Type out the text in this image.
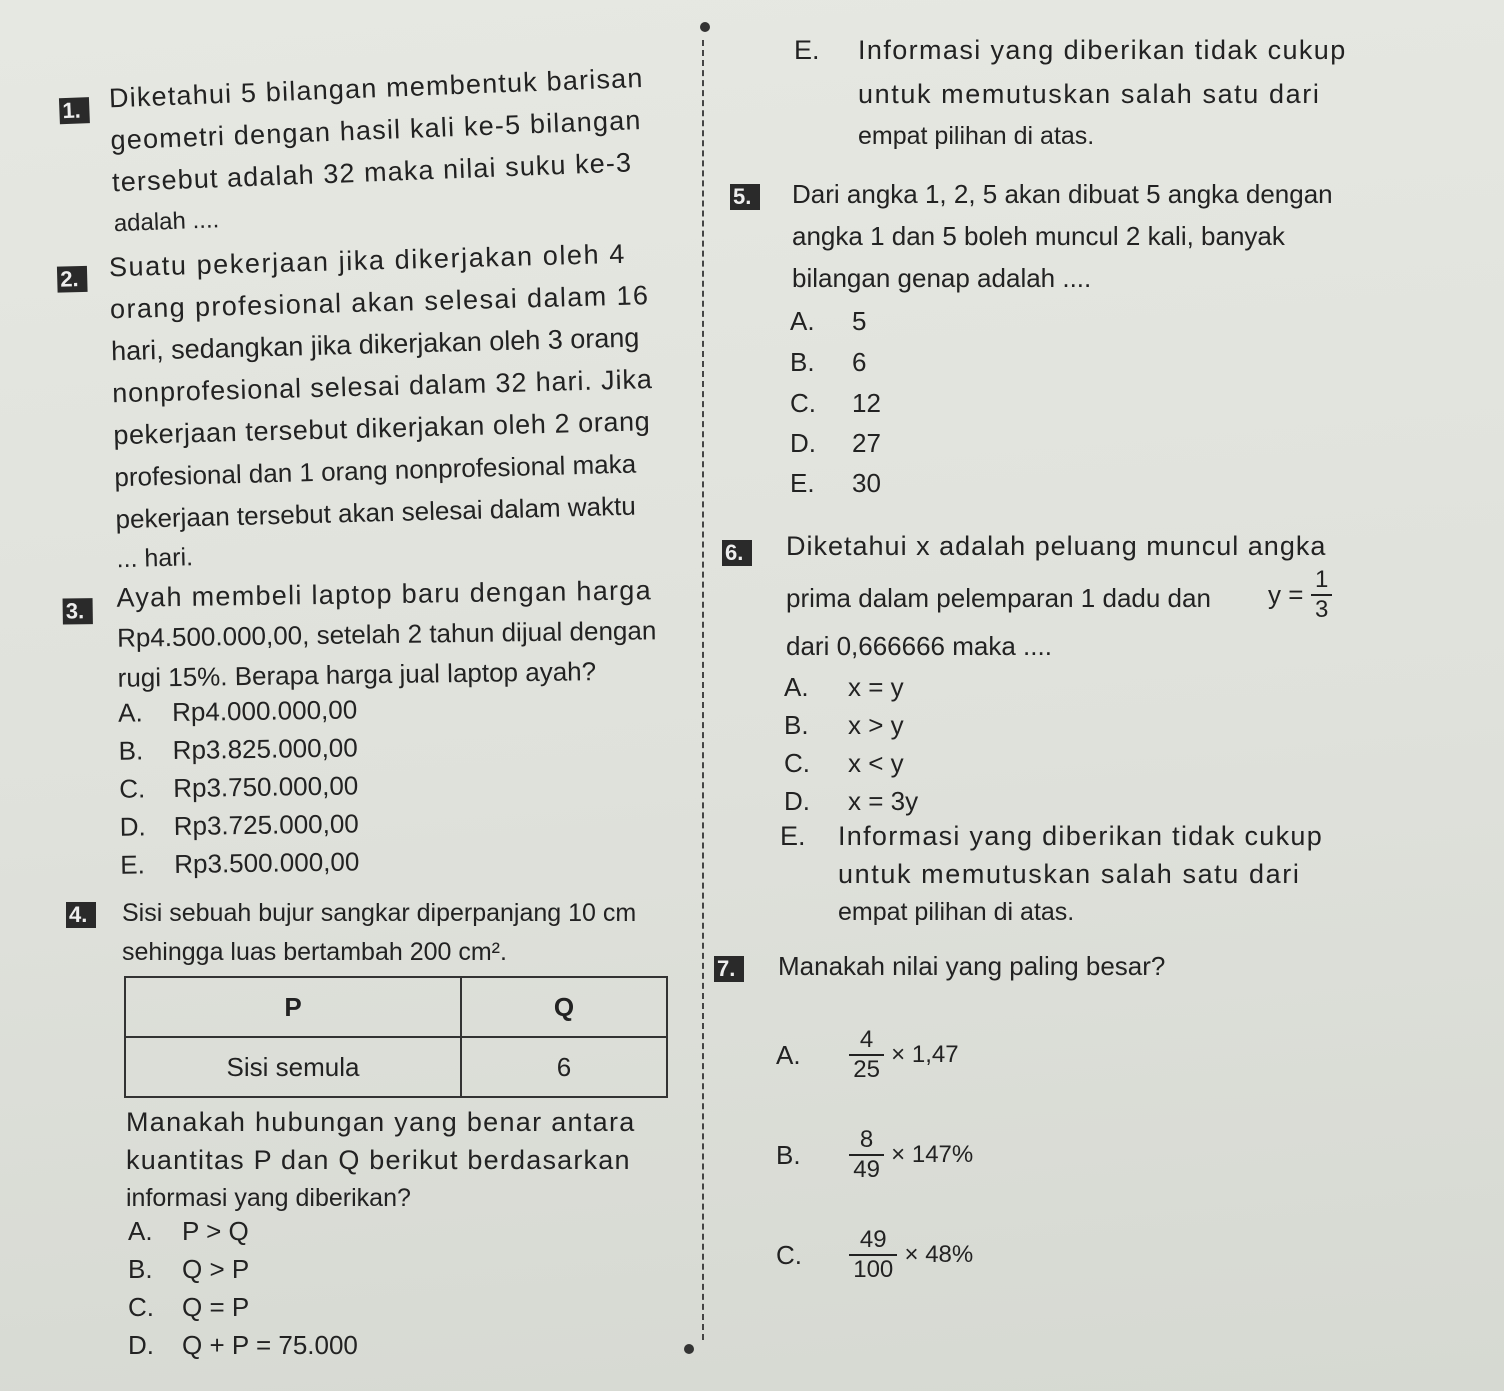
1.	Diketahui 5 bilangan membentuk barisan
geometri dengan hasil kali ke-5 bilangan
tersebut adalah 32 maka nilai suku ke-3
adalah ....
2.	Suatu pekerjaan jika dikerjakan oleh 4
orang profesional akan selesai dalam 16
hari, sedangkan jika dikerjakan oleh 3 orang
nonprofesional selesai dalam 32 hari. Jika
pekerjaan tersebut dikerjakan oleh 2 orang
profesional dan 1 orang nonprofesional maka
pekerjaan tersebut akan selesai dalam waktu
... hari.
3.	Ayah membeli laptop baru dengan harga
Rp4.500.000,00, setelah 2 tahun dijual dengan
rugi 15%. Berapa harga jual laptop ayah?
A. Rp4.000.000,00
B. Rp3.825.000,00
C. Rp3.750.000,00
D. Rp3.725.000,00
E. Rp3.500.000,00
4.	Sisi sebuah bujur sangkar diperpanjang 10 cm
sehingga luas bertambah 200 cm².
P	Q
Sisi semula	6
Manakah hubungan yang benar antara
kuantitas P dan Q berikut berdasarkan
informasi yang diberikan?
A. P > Q
B. Q > P
C. Q = P
D. Q + P = 75.000
E. Informasi yang diberikan tidak cukup
untuk memutuskan salah satu dari
empat pilihan di atas.
5.	Dari angka 1, 2, 5 akan dibuat 5 angka dengan
angka 1 dan 5 boleh muncul 2 kali, banyak
bilangan genap adalah ....
A. 5
B. 6
C. 12
D. 27
E. 30
6.	Diketahui x adalah peluang muncul angka
prima dalam pelemparan 1 dadu dan $y = \frac{1}{3}$
dari 0,666666 maka ....
A. x = y
B. x > y
C. x < y
D. x = 3y
E. Informasi yang diberikan tidak cukup
untuk memutuskan salah satu dari
empat pilihan di atas.
7.	Manakah nilai yang paling besar?
A. $\frac{4}{25} \times 1,47$
B. $\frac{8}{49} \times 147\%$
C. $\frac{49}{100} \times 48\%$
